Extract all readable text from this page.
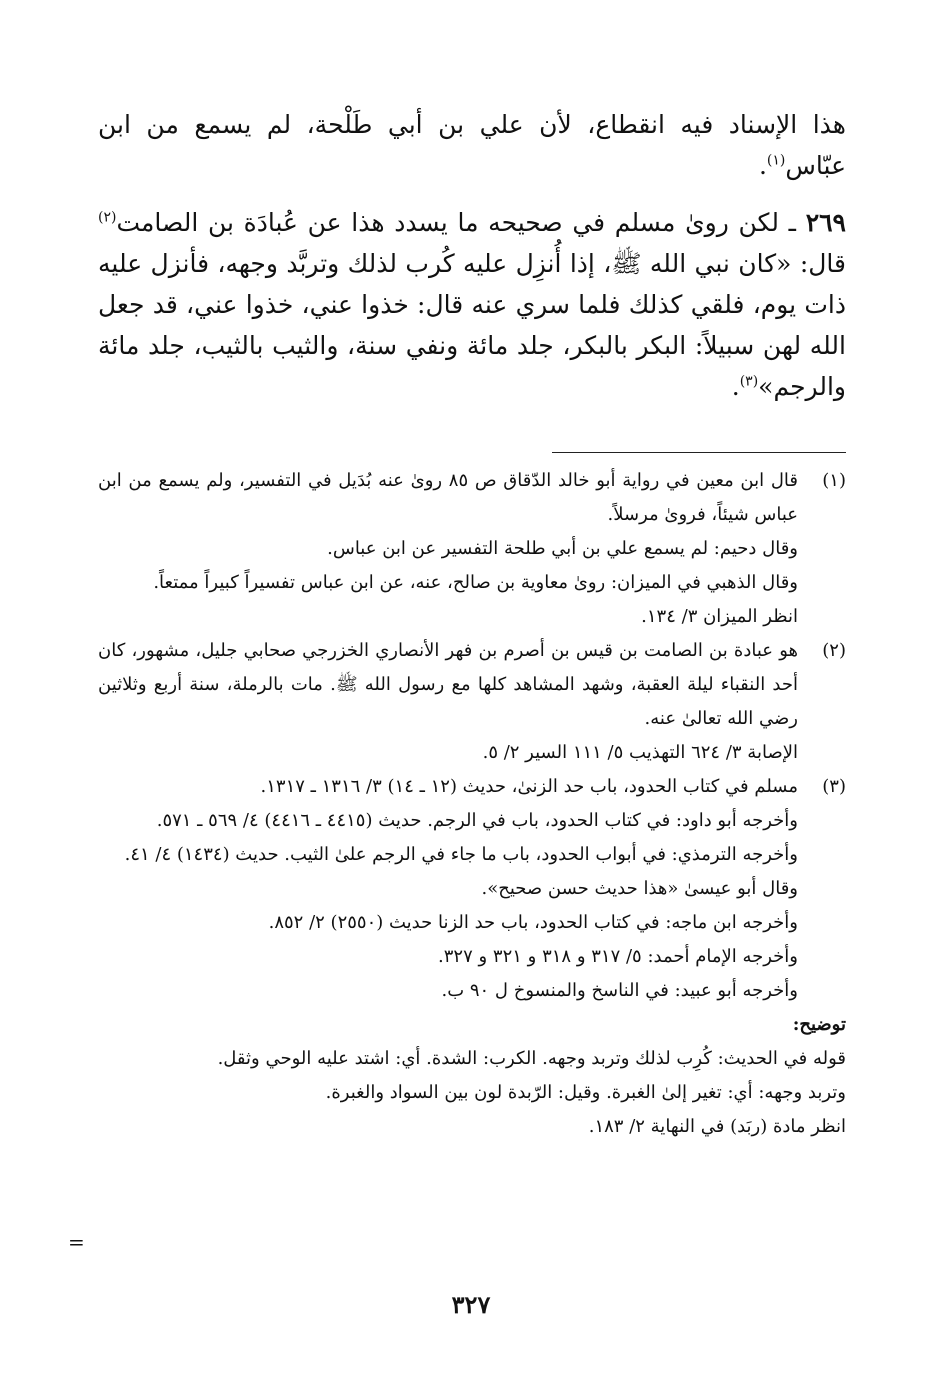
هذا الإسناد فيه انقطاع، لأن علي بن أبي طَلْحة، لم يسمع من ابن عبّاس$^{(١)}$.

٢٦٩ ـ لكن روىٰ مسلم في صحيحه ما يسدد هذا عن عُبادَة بن الصامت$^{(٢)}$ قال: «كان نبي الله ﷺ، إذا أُنزِل عليه كُرب لذلك وتربَّد وجهه، فأنزل عليه ذات يوم، فلقي كذلك فلما سري عنه قال: خذوا عني، خذوا عني، قد جعل الله لهن سبيلاً: البكر بالبكر، جلد مائة ونفي سنة، والثيب بالثيب، جلد مائة والرجم»$^{(٣)}$.

(١)

قال ابن معين في رواية أبو خالد الدّقاق ص ٨٥ روىٰ عنه بُدَيل في التفسير، ولم يسمع من ابن عباس شيئاً، فروىٰ مرسلاً.

وقال دحيم: لم يسمع علي بن أبي طلحة التفسير عن ابن عباس.

وقال الذهبي في الميزان: روىٰ معاوية بن صالح، عنه، عن ابن عباس تفسيراً كبيراً ممتعاً.

انظر الميزان ٣/ ١٣٤.

(٢)

هو عبادة بن الصامت بن قيس بن أصرم بن فهر الأنصاري الخزرجي صحابي جليل، مشهور، كان أحد النقباء ليلة العقبة، وشهد المشاهد كلها مع رسول الله ﷺ. مات بالرملة، سنة أربع وثلاثين رضي الله تعالىٰ عنه.

الإصابة ٣/ ٦٢٤ التهذيب ٥/ ١١١ السير ٢/ ٥.

(٣)

مسلم في كتاب الحدود، باب حد الزنىٰ، حديث (١٢ ـ ١٤) ٣/ ١٣١٦ ـ ١٣١٧.

وأخرجه أبو داود: في كتاب الحدود، باب في الرجم. حديث (٤٤١٥ ـ ٤٤١٦) ٤/ ٥٦٩ ـ ٥٧١.

وأخرجه الترمذي: في أبواب الحدود، باب ما جاء في الرجم علىٰ الثيب. حديث (١٤٣٤) ٤/ ٤١.

وقال أبو عيسىٰ «هذا حديث حسن صحيح».

وأخرجه ابن ماجه: في كتاب الحدود، باب حد الزنا حديث (٢٥٥٠) ٢/ ٨٥٢.

وأخرجه الإمام أحمد: ٥/ ٣١٧ و ٣١٨ و ٣٢١ و ٣٢٧.

وأخرجه أبو عبيد: في الناسخ والمنسوخ ل ٩٠ ب.

توضيح:

قوله في الحديث: كُرِب لذلك وتربد وجهه. الكرب: الشدة. أي: اشتد عليه الوحي وثقل.

وتربد وجهه: أي: تغير إلىٰ الغبرة. وقيل: الرّبدة لون بين السواد والغبرة.

انظر مادة (ربَد) في النهاية ٢/ ١٨٣.

=
٣٢٧
